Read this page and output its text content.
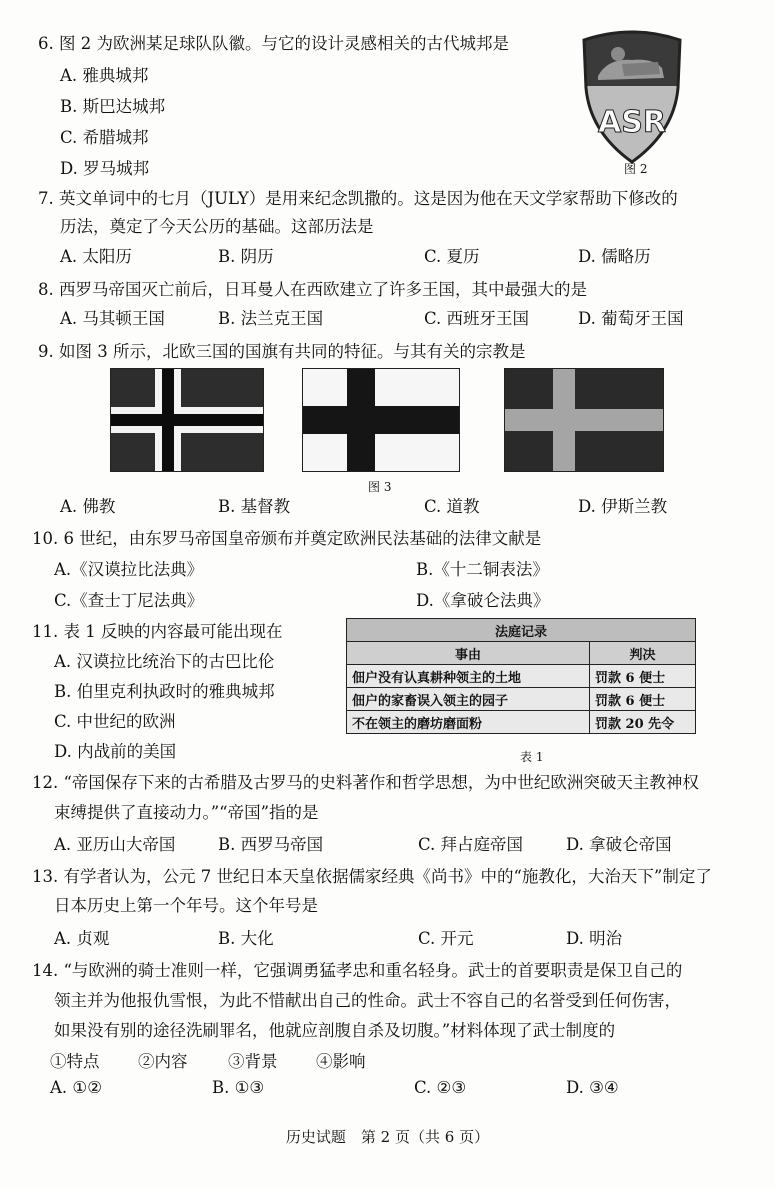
6. 图 2 为欧洲某足球队队徽。与它的设计灵感相关的古代城邦是
A. 雅典城邦
B. 斯巴达城邦
C. 希腊城邦
D. 罗马城邦
ASR
图 2
7. 英文单词中的七月（JULY）是用来纪念凯撒的。这是因为他在天文学家帮助下修改的
历法，奠定了今天公历的基础。这部历法是
A. 太阳历	B. 阴历	C. 夏历	D. 儒略历
8. 西罗马帝国灭亡前后，日耳曼人在西欧建立了许多王国，其中最强大的是
A. 马其顿王国	B. 法兰克王国	C. 西班牙王国	D. 葡萄牙王国
9. 如图 3 所示，北欧三国的国旗有共同的特征。与其有关的宗教是
图 3
A. 佛教	B. 基督教	C. 道教	D. 伊斯兰教
10. 6 世纪，由东罗马帝国皇帝颁布并奠定欧洲民法基础的法律文献是
A.《汉谟拉比法典》	B.《十二铜表法》
C.《查士丁尼法典》	D.《拿破仑法典》
11. 表 1 反映的内容最可能出现在
A. 汉谟拉比统治下的古巴比伦
B. 伯里克利执政时的雅典城邦
C. 中世纪的欧洲
D. 内战前的美国
法庭记录	
事由	判决
佃户没有认真耕种领主的土地	罚款 6 便士
佃户的家畜误入领主的园子	罚款 6 便士
不在领主的磨坊磨面粉	罚款 20 先令
表 1
12. “帝国保存下来的古希腊及古罗马的史料著作和哲学思想，为中世纪欧洲突破天主教神权
束缚提供了直接动力。”“帝国”指的是
A. 亚历山大帝国	B. 西罗马帝国	C. 拜占庭帝国	D. 拿破仑帝国
13. 有学者认为，公元 7 世纪日本天皇依据儒家经典《尚书》中的“施教化，大治天下”制定了
日本历史上第一个年号。这个年号是
A. 贞观	B. 大化	C. 开元	D. 明治
14. “与欧洲的骑士准则一样，它强调勇猛孝忠和重名轻身。武士的首要职责是保卫自己的
领主并为他报仇雪恨，为此不惜献出自己的性命。武士不容自己的名誉受到任何伤害，
如果没有别的途径洗刷罪名，他就应剖腹自杀及切腹。”材料体现了武士制度的
①特点 ②内容 ③背景 ④影响
A. ①②	B. ①③	C. ②③	D. ③④
历史试题　第 2 页（共 6 页）
